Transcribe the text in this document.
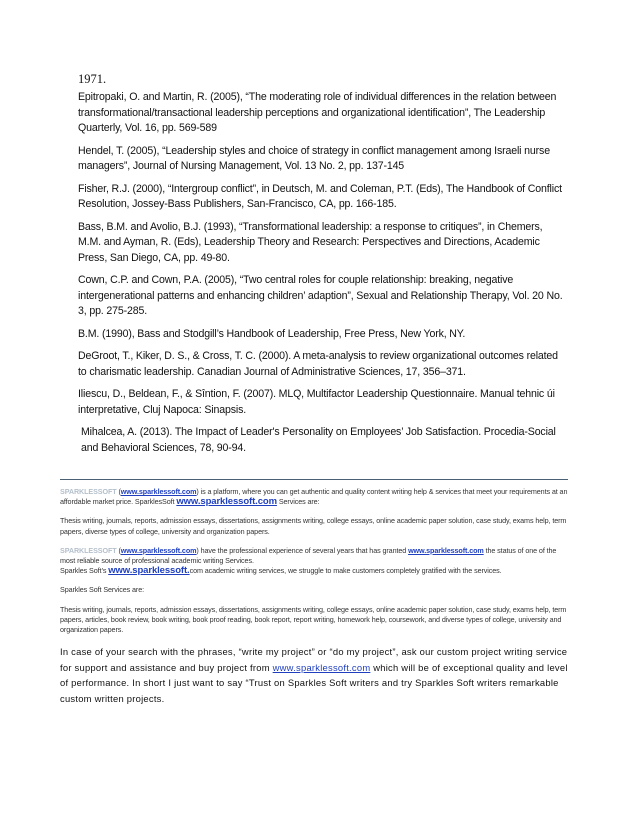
1971.

Epitropaki, O. and Martin, R. (2005), “The moderating role of individual differences in the relation between transformational/transactional leadership perceptions and organizational identification”, The Leadership Quarterly, Vol. 16, pp. 569-589

Hendel, T. (2005), “Leadership styles and choice of strategy in conflict management among Israeli nurse managers”, Journal of Nursing Management, Vol. 13 No. 2, pp. 137-145

Fisher, R.J. (2000), “Intergroup conflict”, in Deutsch, M. and Coleman, P.T. (Eds), The Handbook of Conflict Resolution, Jossey-Bass Publishers, San-Francisco, CA, pp. 166-185.

Bass, B.M. and Avolio, B.J. (1993), “Transformational leadership: a response to critiques”, in Chemers, M.M. and Ayman, R. (Eds), Leadership Theory and Research: Perspectives and Directions, Academic Press, San Diego, CA, pp. 49-80.

Cown, C.P. and Cown, P.A. (2005), “Two central roles for couple relationship: breaking, negative intergenerational patterns and enhancing children’ adaption”, Sexual and Relationship Therapy, Vol. 20 No. 3, pp. 275-285.

B.M. (1990), Bass and Stodgill’s Handbook of Leadership, Free Press, New York, NY.

DeGroot, T., Kiker, D. S., & Cross, T. C. (2000). A meta-analysis to review organizational outcomes related to charismatic leadership. Canadian Journal of Administrative Sciences, 17, 356–371.

Iliescu, D., Beldean, F., & Sîntion, F. (2007). MLQ, Multifactor Leadership Questionnaire. Manual tehnic úi interpretative, Cluj Napoca: Sinapsis.

Mihalcea, A. (2013). The Impact of Leader's Personality on Employees’ Job Satisfaction. Procedia-Social and Behavioral Sciences, 78, 90-94.

SPARKLESSOFT (www.sparklessoft.com) is a platform, where you can get authentic and quality content writing help & services that meet your requirements at an affordable market price. SparklesSoft www.sparklessoft.com Services are:

Thesis writing, journals, reports, admission essays, dissertations, assignments writing, college essays, online academic paper solution, case study, exams help, term papers, diverse types of college, university and organization papers.

SPARKLESSOFT (www.sparklessoft.com) have the professional experience of several years that has granted www.sparklessoft.com the status of one of the most reliable source of professional academic writing Services.
Sparkles Soft’s www.sparklessoft.com academic writing services, we struggle to make customers completely gratified with the services.

Sparkles Soft Services are:

Thesis writing, journals, reports, admission essays, dissertations, assignments writing, college essays, online academic paper solution, case study, exams help, term papers, articles, book review, book writing, book proof reading, book report, report writing, homework help, coursework, and diverse types of college, university and organization papers.

In case of your search with the phrases, “write my project” or “do my project”, ask our custom project writing service for support and assistance and buy project from www.sparklessoft.com which will be of exceptional quality and level of performance. In short I just want to say “Trust on Sparkles Soft writers and try Sparkles Soft writers remarkable custom written projects.
